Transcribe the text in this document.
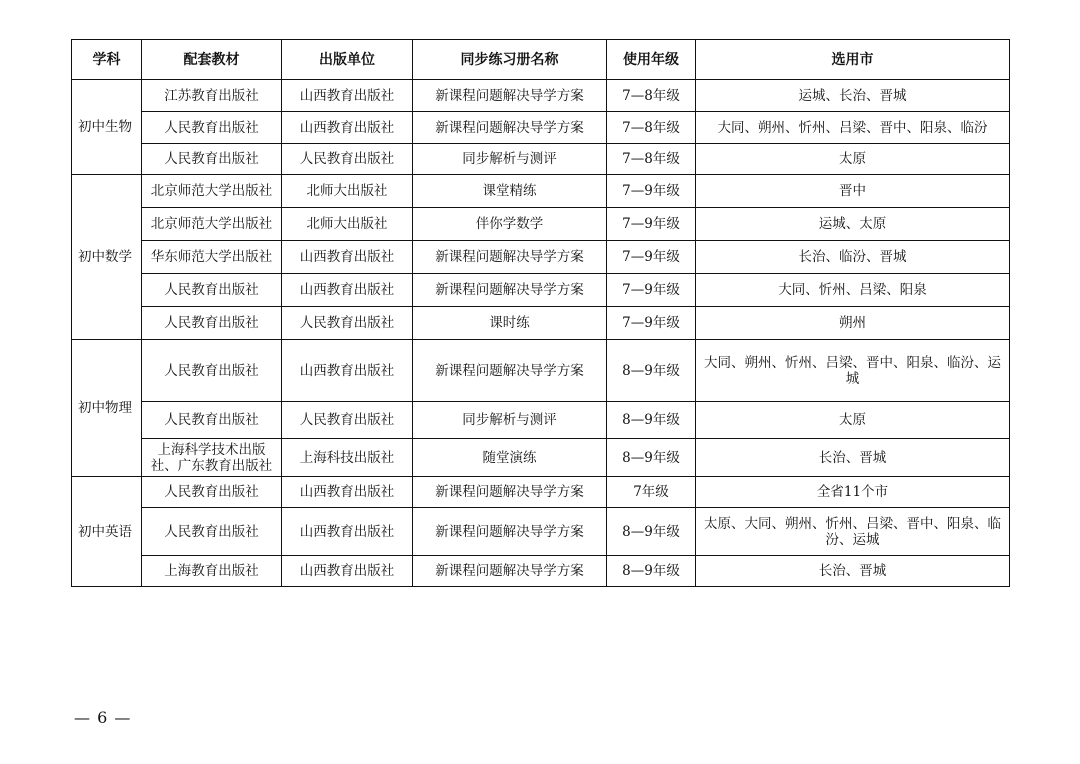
学科	配套教材	出版单位	同步练习册名称	使用年级	选用市
初中生物	江苏教育出版社	山西教育出版社	新课程问题解决导学方案	7—8年级	运城、长治、晋城
	人民教育出版社	山西教育出版社	新课程问题解决导学方案	7—8年级	大同、朔州、忻州、吕梁、晋中、阳泉、临汾
	人民教育出版社	人民教育出版社	同步解析与测评	7—8年级	太原
初中数学	北京师范大学出版社	北师大出版社	课堂精练	7—9年级	晋中
	北京师范大学出版社	北师大出版社	伴你学数学	7—9年级	运城、太原
	华东师范大学出版社	山西教育出版社	新课程问题解决导学方案	7—9年级	长治、临汾、晋城
	人民教育出版社	山西教育出版社	新课程问题解决导学方案	7—9年级	大同、忻州、吕梁、阳泉
	人民教育出版社	人民教育出版社	课时练	7—9年级	朔州
初中物理	人民教育出版社	山西教育出版社	新课程问题解决导学方案	8—9年级	大同、朔州、忻州、吕梁、晋中、阳泉、临汾、运城
	人民教育出版社	人民教育出版社	同步解析与测评	8—9年级	太原
	上海科学技术出版社、广东教育出版社	上海科技出版社	随堂演练	8—9年级	长治、晋城
初中英语	人民教育出版社	山西教育出版社	新课程问题解决导学方案	7年级	全省11个市
	人民教育出版社	山西教育出版社	新课程问题解决导学方案	8—9年级	太原、大同、朔州、忻州、吕梁、晋中、阳泉、临汾、运城
	上海教育出版社	山西教育出版社	新课程问题解决导学方案	8—9年级	长治、晋城
— 6 —
